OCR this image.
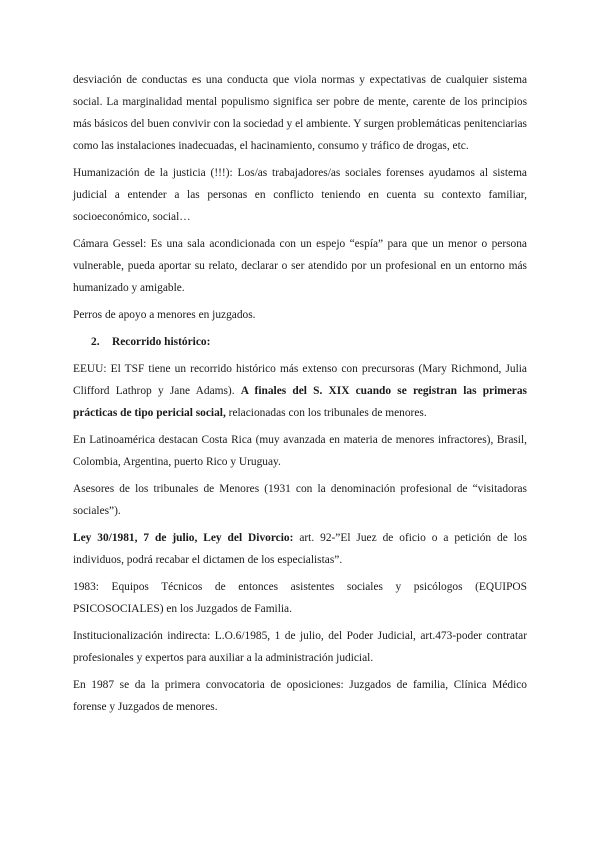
desviación de conductas es una conducta que viola normas y expectativas de cualquier sistema social. La marginalidad mental populismo significa ser pobre de mente, carente de los principios más básicos del buen convivir con la sociedad y el ambiente. Y surgen problemáticas penitenciarias como las instalaciones inadecuadas, el hacinamiento, consumo y tráfico de drogas, etc.

Humanización de la justicia (!!!): Los/as trabajadores/as sociales forenses ayudamos al sistema judicial a entender a las personas en conflicto teniendo en cuenta su contexto familiar, socioeconómico, social…

Cámara Gessel: Es una sala acondicionada con un espejo “espía” para que un menor o persona vulnerable, pueda aportar su relato, declarar o ser atendido por un profesional en un entorno más humanizado y amigable.

Perros de apoyo a menores en juzgados.

2. Recorrido histórico:

EEUU: El TSF tiene un recorrido histórico más extenso con precursoras (Mary Richmond, Julia Clifford Lathrop y Jane Adams). A finales del S. XIX cuando se registran las primeras prácticas de tipo pericial social, relacionadas con los tribunales de menores.

En Latinoamérica destacan Costa Rica (muy avanzada en materia de menores infractores), Brasil, Colombia, Argentina, puerto Rico y Uruguay.

Asesores de los tribunales de Menores (1931 con la denominación profesional de “visitadoras sociales”).

Ley 30/1981, 7 de julio, Ley del Divorcio: art. 92-”El Juez de oficio o a petición de los individuos, podrá recabar el dictamen de los especialistas”.

1983: Equipos Técnicos de entonces asistentes sociales y psicólogos (EQUIPOS PSICOSOCIALES) en los Juzgados de Familia.

Institucionalización indirecta: L.O.6/1985, 1 de julio, del Poder Judicial, art.473-poder contratar profesionales y expertos para auxiliar a la administración judicial.

En 1987 se da la primera convocatoria de oposiciones: Juzgados de familia, Clínica Médico forense y Juzgados de menores.
